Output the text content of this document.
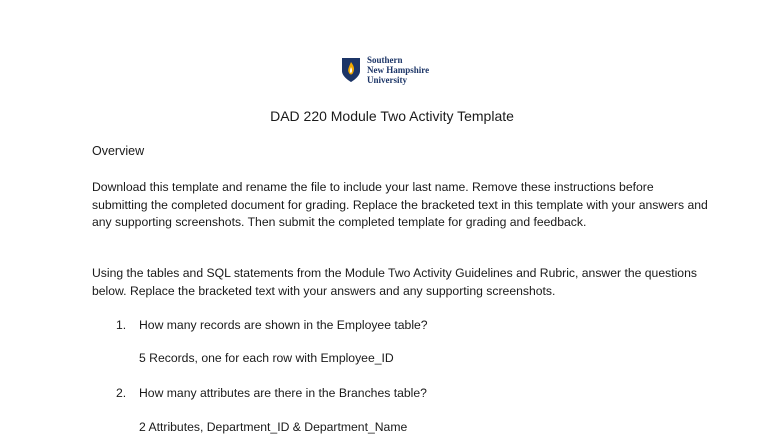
Southern
New Hampshire
University
DAD 220 Module Two Activity Template
Overview

Download this template and rename the file to include your last name. Remove these instructions before submitting the completed document for grading. Replace the bracketed text in this template with your answers and any supporting screenshots. Then submit the completed template for grading and feedback.

Using the tables and SQL statements from the Module Two Activity Guidelines and Rubric, answer the questions below. Replace the bracketed text with your answers and any supporting screenshots.

1. How many records are shown in the Employee table?

5 Records, one for each row with Employee_ID

2. How many attributes are there in the Branches table?

2 Attributes, Department_ID & Department_Name
